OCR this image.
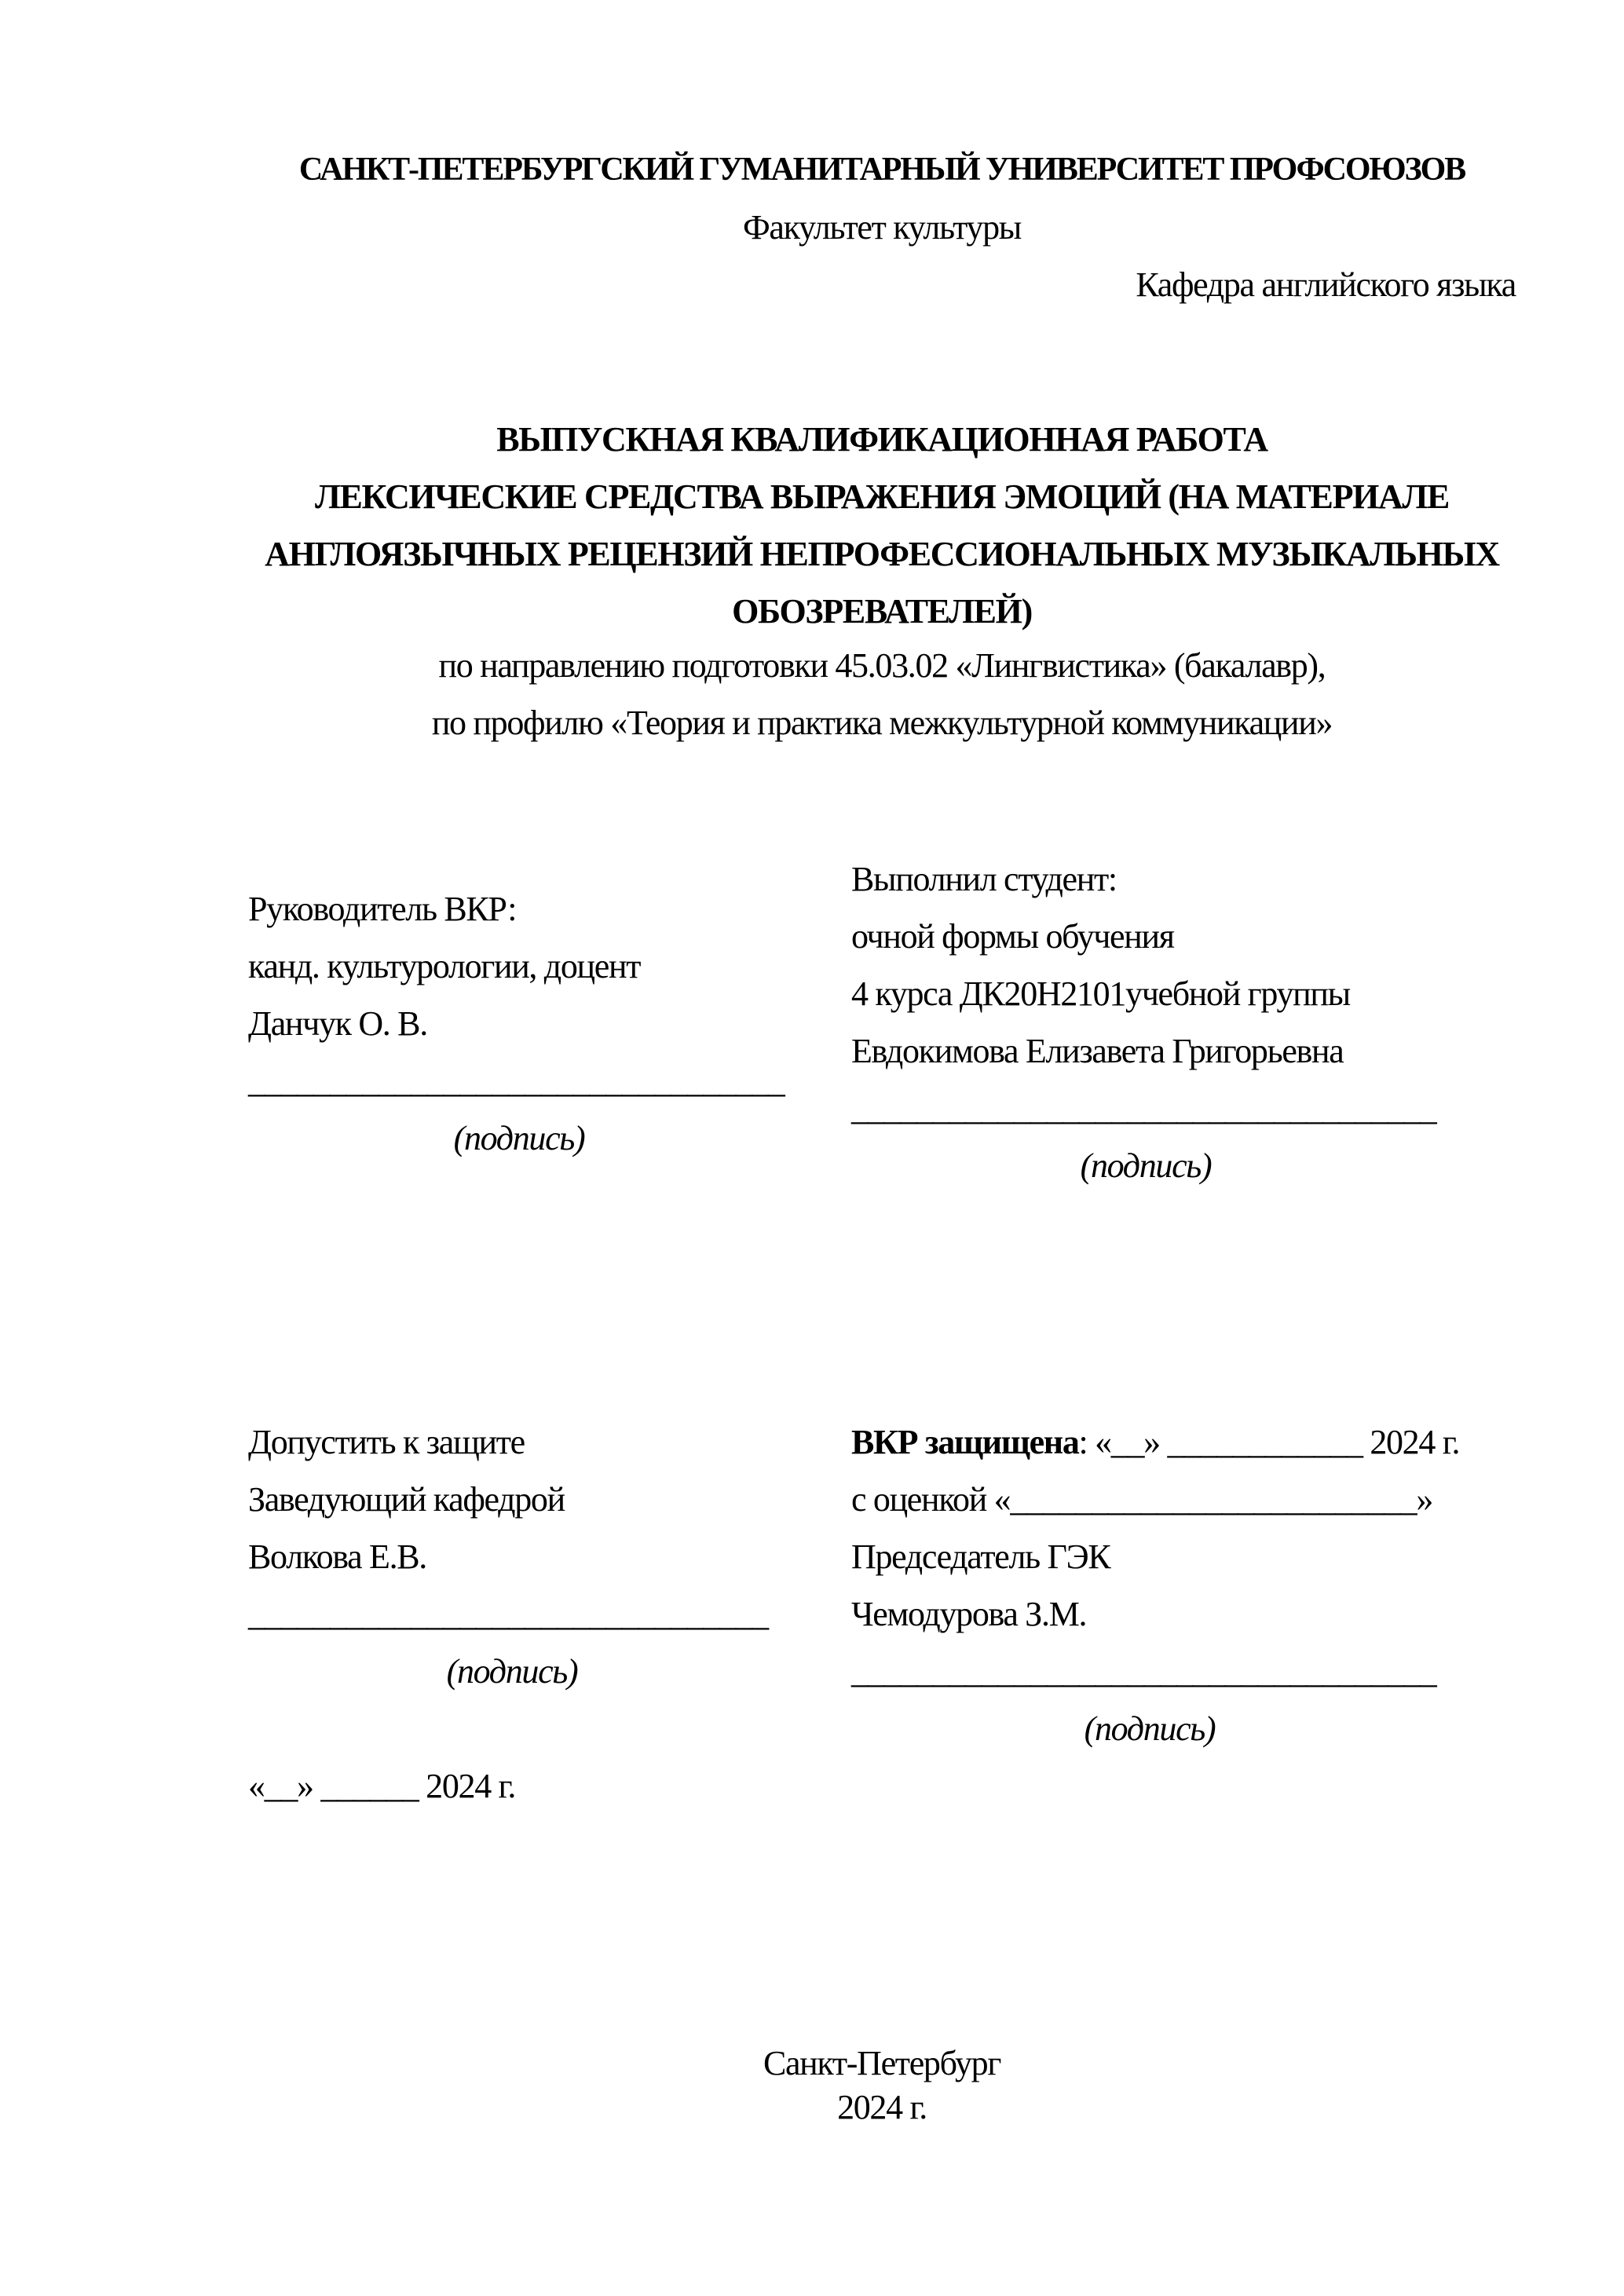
САНКТ-ПЕТЕРБУРГСКИЙ ГУМАНИТАРНЫЙ УНИВЕРСИТЕТ ПРОФСОЮЗОВ
Факультет культуры
Кафедра английского языка
ВЫПУСКНАЯ КВАЛИФИКАЦИОННАЯ РАБОТА
ЛЕКСИЧЕСКИЕ СРЕДСТВА ВЫРАЖЕНИЯ ЭМОЦИЙ (НА МАТЕРИАЛЕ
АНГЛОЯЗЫЧНЫХ РЕЦЕНЗИЙ НЕПРОФЕССИОНАЛЬНЫХ МУЗЫКАЛЬНЫХ
ОБОЗРЕВАТЕЛЕЙ)
по направлению подготовки 45.03.02 «Лингвистика» (бакалавр),
по профилю «Теория и практика межкультурной коммуникации»
Руководитель ВКР:
канд. культурологии, доцент
Данчук О. В.
_________________________________
(подпись)
Выполнил студент:
очной формы обучения
4 курса ДК20Н2101учебной группы
Евдокимова Елизавета Григорьевна
____________________________________
(подпись)
Допустить к защите
Заведующий кафедрой
Волкова Е.В.
________________________________
(подпись)
«__» ______ 2024 г.
ВКР защищена: «__» ____________ 2024 г.
с оценкой «_________________________»
Председатель ГЭК
Чемодурова З.М.
____________________________________
(подпись)
Санкт-Петербург
2024 г.
